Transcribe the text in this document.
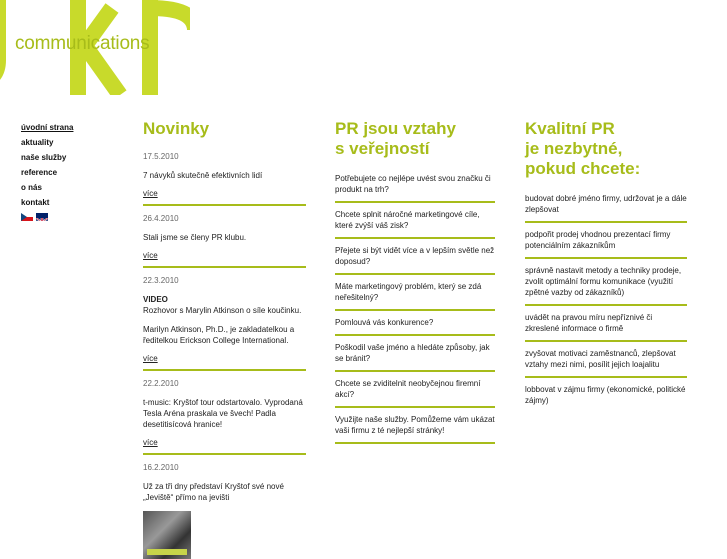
communications
úvodní strana
aktuality
naše služby
reference
o nás
kontakt
Novinky
17.5.2010
7 návyků skutečně efektivních lidí
více
26.4.2010
Stali jsme se členy PR klubu.
více
22.3.2010
VIDEO
Rozhovor s Marylin Atkinson o síle koučinku.
Marilyn Atkinson, Ph.D., je zakladatelkou a ředitelkou Erickson College International.
více
22.2.2010
t-music: Kryštof tour odstartovalo. Vyprodaná Tesla Aréna praskala ve švech! Padla desetitisícová hranice!
více
16.2.2010
Už za tři dny představí Kryštof své nové „Jeviště“ přímo na jevišti
PR jsou vztahy
s veřejností
Potřebujete co nejlépe uvést svou značku či produkt na trh?
Chcete splnit náročné marketingové cíle, které zvýší váš zisk?
Přejete si být vidět více a v lepším světle než doposud?
Máte marketingový problém, který se zdá neřešitelný?
Pomlouvá vás konkurence?
Poškodil vaše jméno a hledáte způsoby, jak se bránit?
Chcete se zviditelnit neobyčejnou firemní akcí?
Využijte naše služby. Pomůžeme vám ukázat vaši firmu z té nejlepší stránky!
Kvalitní PR
je nezbytné,
pokud chcete:
budovat dobré jméno firmy, udržovat je a dále zlepšovat
podpořit prodej vhodnou prezentací firmy potenciálním zákazníkům
správně nastavit metody a techniky prodeje, zvolit optimální formu komunikace (využití zpětné vazby od zákazníků)
uvádět na pravou míru nepříznivé či zkreslené informace o firmě
zvyšovat motivaci zaměstnanců, zlepšovat vztahy mezi nimi, posílit jejich loajalitu
lobbovat v zájmu firmy (ekonomické, politické zájmy)
